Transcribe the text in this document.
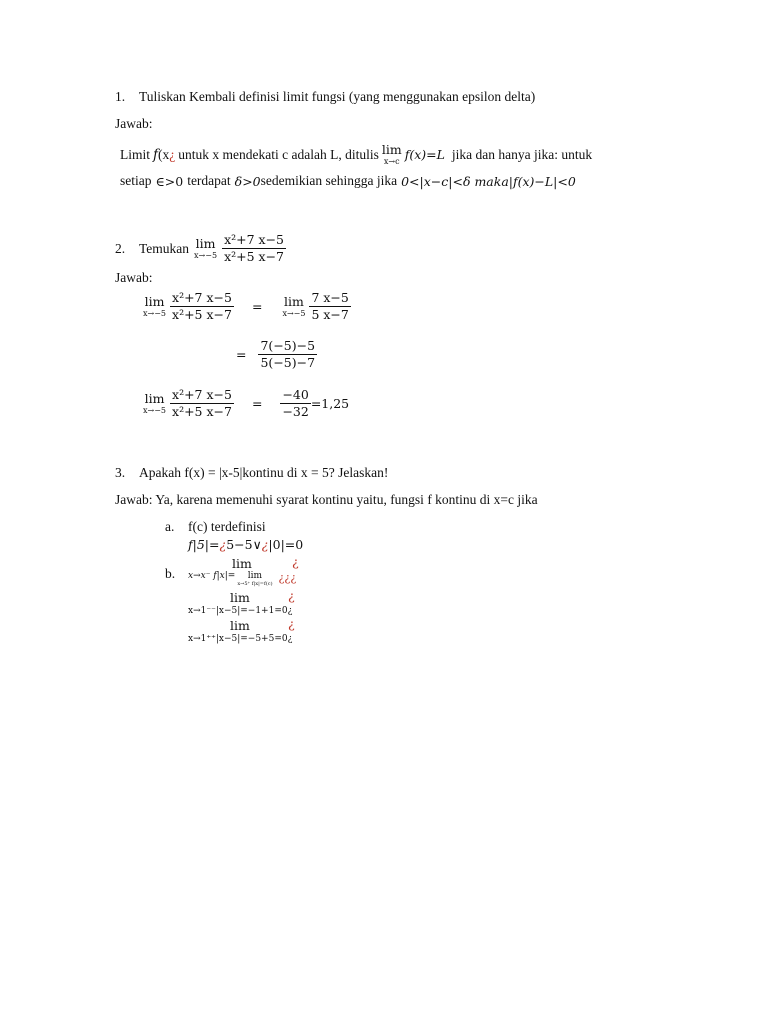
1. Tuliskan Kembali definisi limit fungsi (yang menggunakan epsilon delta)
Jawab:
Limit f (x ¿ untuk x mendekati c adalah L, ditulis lim
x→c f(x)=L jika dan hanya jika: untuk
setiap ∈>0 terdapat δ>0 sedemikian sehingga jika 0<|x−c|<δ maka|f(x)−L|<0
2. Temukan lim
$x\to-5 \frac{\text{x²+7 x−5}}{\text{x²+5 x−7}}$
Jawab:
lim
$x\to-5 \frac{\text{x²+7 x−5}}{\text{x²+5 x−7}} = \lim$
$x\to-5 \frac{7 x-5}{5 x-7}$
= $\frac{7(-5)-5}{5(-5)-7}$
lim
$x\to-5 \frac{\text{x²+7 x−5}}{\text{x²+5 x−7}} = \frac{-40}{-32} =1,25$
3. Apakah f(x) = |x-5|kontinu di x = 5? Jelaskan!
Jawab: Ya, karena memenuhi syarat kontinu yaitu, fungsi f kontinu di x=c jika
a. f(c) terdefinisi
f|5|= ¿ 5−5∨ ¿ |0|=0
b.
lim	¿
x→x⁻ f|x|= lim
x→5⁺ f|x|=f(c) ¿¿¿
lim	¿
x→1⁻⁻|x−5|=−1+1=0¿
lim	¿
x→1⁺⁺|x−5|=−5+5=0¿
